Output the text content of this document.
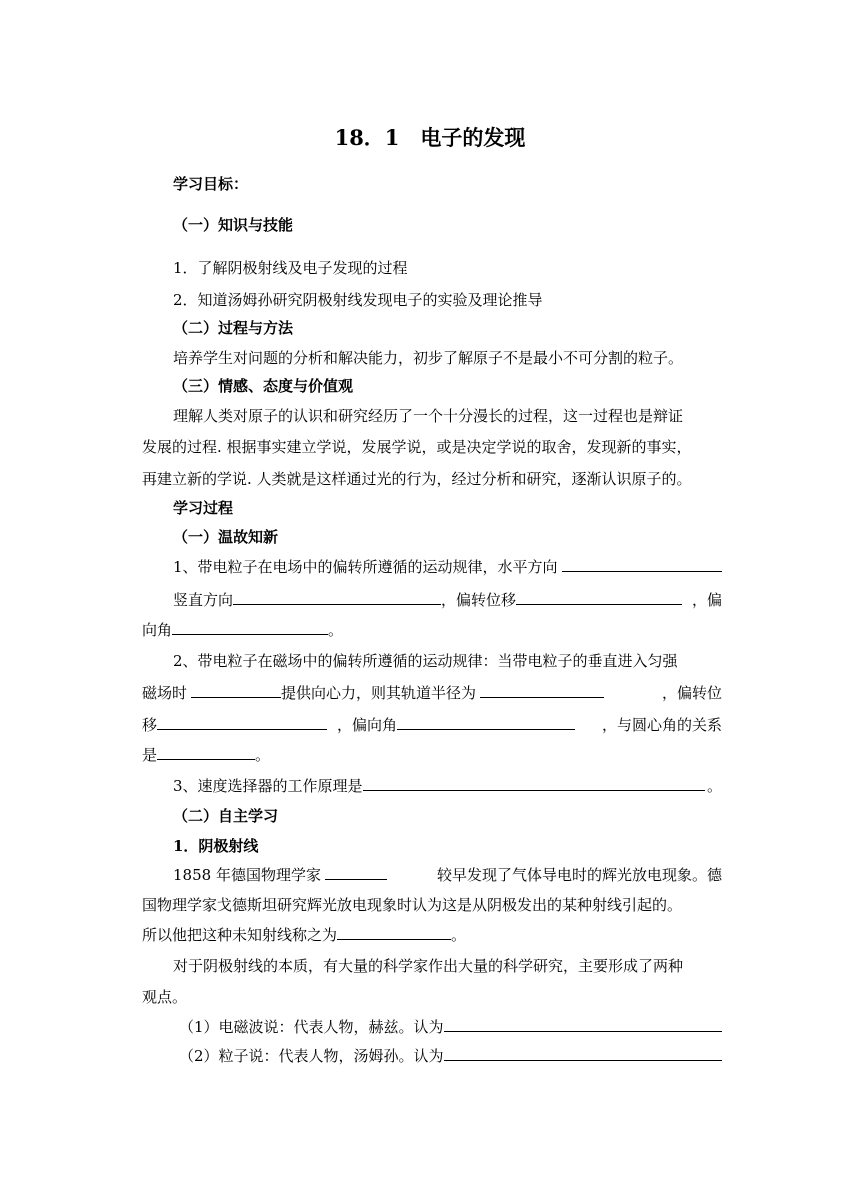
18．1　电子的发现
学习目标：
（一）知识与技能
1．了解阴极射线及电子发现的过程
2．知道汤姆孙研究阴极射线发现电子的实验及理论推导
（二）过程与方法
培养学生对问题的分析和解决能力，初步了解原子不是最小不可分割的粒子。
（三）情感、态度与价值观
理解人类对原子的认识和研究经历了一个十分漫长的过程，这一过程也是辩证
发展的过程. 根据事实建立学说，发展学说，或是决定学说的取舍，发现新的事实，
再建立新的学说. 人类就是这样通过光的行为，经过分析和研究，逐渐认识原子的。
学习过程
（一）温故知新
1、带电粒子在电场中的偏转所遵循的运动规律，水平方向
竖直方向	，偏转位移	，偏
向角	。
2、带电粒子在磁场中的偏转所遵循的运动规律：当带电粒子的垂直进入匀强
磁场时	提供向心力，则其轨道半径为	，偏转位
移	，偏向角	，与圆心角的关系
是	。
3、速度选择器的工作原理是	。
（二）自主学习
1．阴极射线
1858 年德国物理学家	较早发现了气体导电时的辉光放电现象。德
国物理学家戈德斯坦研究辉光放电现象时认为这是从阴极发出的某种射线引起的。
所以他把这种未知射线称之为	。
对于阴极射线的本质，有大量的科学家作出大量的科学研究，主要形成了两种
观点。
（1）电磁波说：代表人物，赫兹。认为
（2）粒子说：代表人物，汤姆孙。认为
